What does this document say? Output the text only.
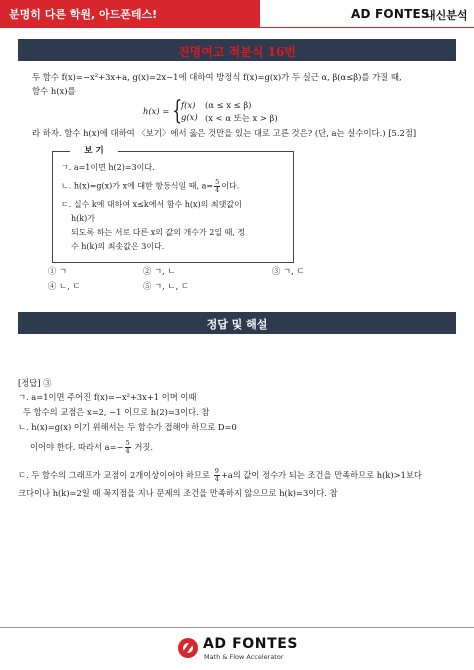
분명히 다른 학원, 아드폰테스!	AD FONTES
내신분석
진명여고 적분식 16번
두 함수 f(x)=−x²+3x+a, g(x)=2x−1에 대하여 방정식 f(x)=g(x)가 두 실근 α, β(α≤β)를 가질 때,
함수 h(x)를
h(x) = {
f(x) (α ≤ x ≤ β)
g(x) (x < α 또는 x > β)
라 하자. 함수 h(x)에 대하여 〈보기〉에서 옳은 것만을 있는 대로 고른 것은? (단, a는 실수이다.) [5.2점]
ㄱ. a=1이면 h(2)=3이다.
ㄴ. h(x)=g(x)가 x에 대한 항등식일 때, $a= \frac{5}{4}$ 이다.
ㄷ. 실수 k에 대하여 x≤k에서 함수 h(x)의 최댓값이
h(k)가
되도록 하는 서로 다른 x의 값의 개수가 2일 때, 정
수 h(k)의 최솟값은 3이다.
보 기
① ㄱ	② ㄱ, ㄴ	③ ㄱ, ㄷ
④ ㄴ, ㄷ	⑤ ㄱ, ㄴ, ㄷ
정답 및 해설
[정답] ③
ㄱ. a=1이면 주어진 f(x)=−x²+3x+1 이며 이때
두 함수의 교점은 x=2, −1 이므로 h(2)=3이다. 참
ㄴ. h(x)=g(x) 이기 위해서는 두 함수가 접해야 하므로 D=0
이어야 한다. 따라서 $a=- \frac{5}{4}$ 거짓.
ㄷ. 두 함수의 그래프가 교점이 2개이상이어야 하므로 $\frac{9}{4} +a$의 값이 정수가 되는 조건을 만족하므로 h(k)>1보다
크다이나 h(k)=2일 때 꼭지점을 지나 문제의 조건을 만족하지 않으므로 h(k)=3이다. 참
AD FONTES
Math & Flow Accelerator
